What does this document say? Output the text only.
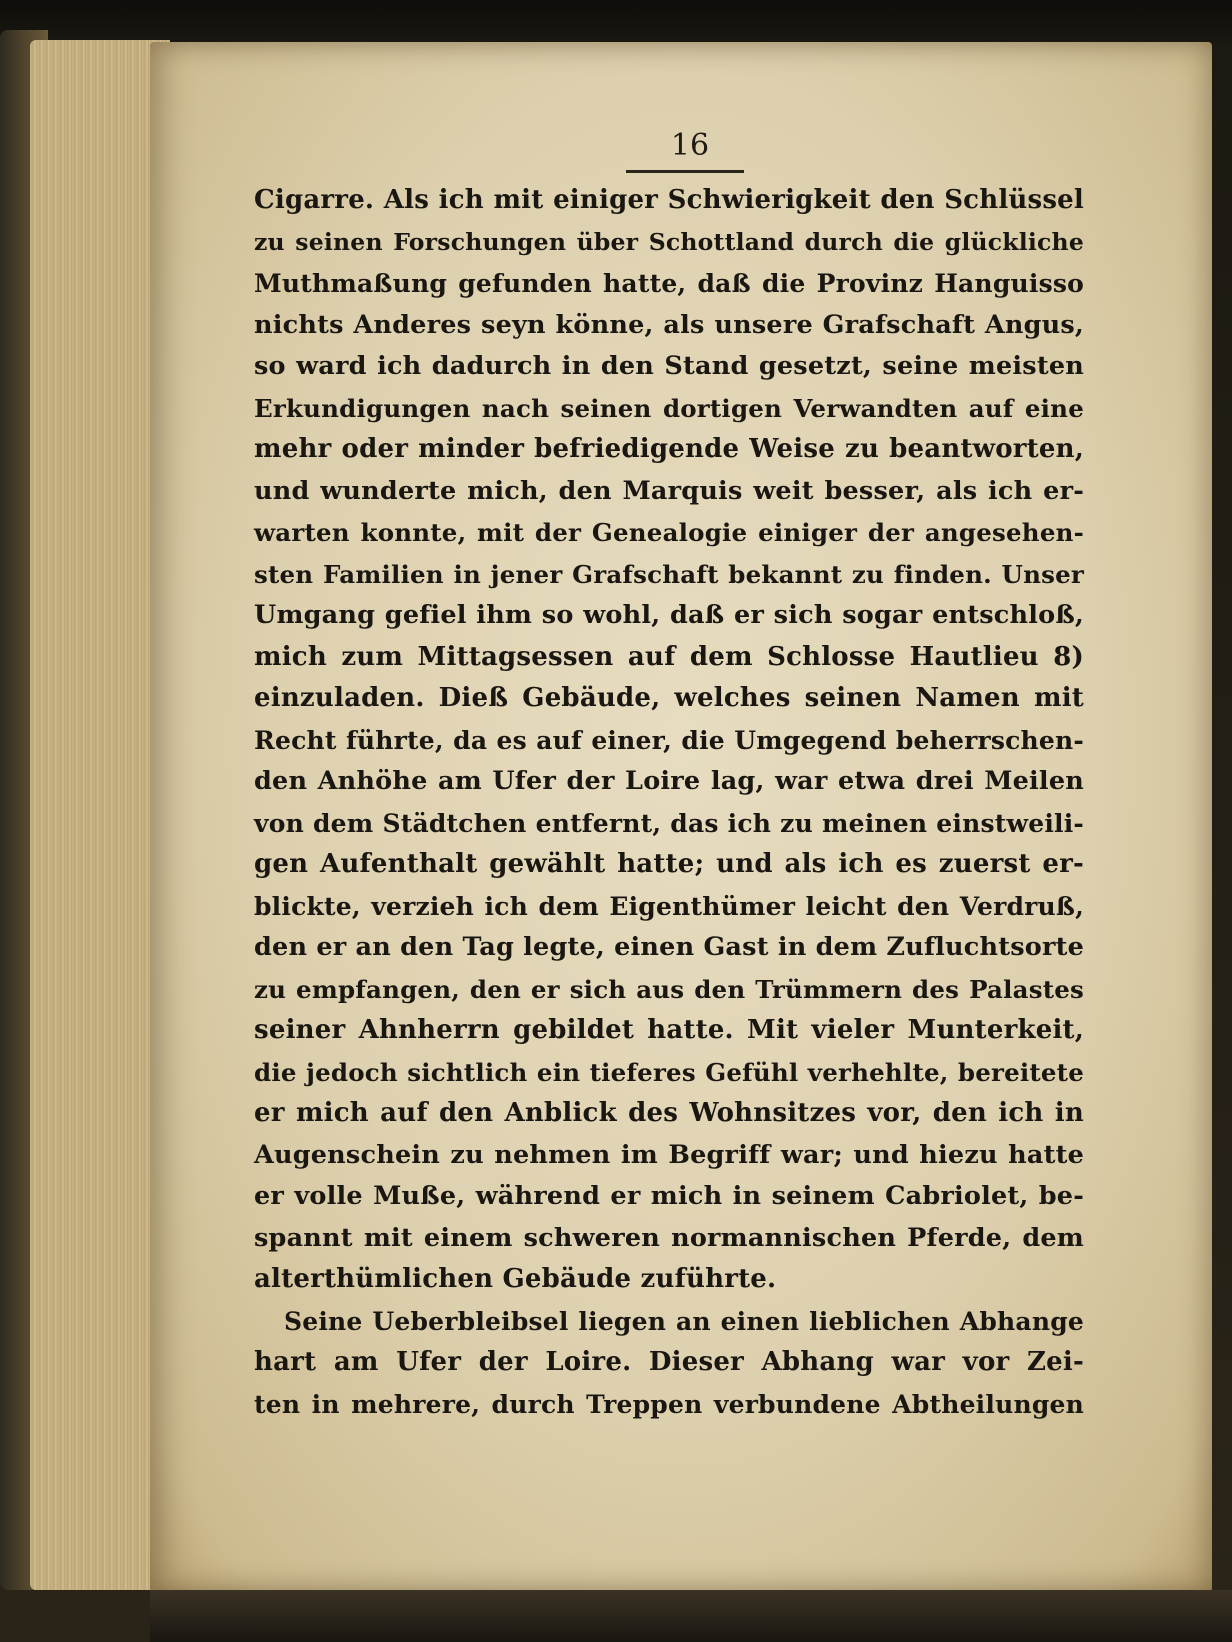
16
Cigarre. Als ich mit einiger Schwierigkeit den Schlüssel
zu seinen Forschungen über Schottland durch die glückliche
Muthmaßung gefunden hatte, daß die Provinz Hanguisso
nichts Anderes seyn könne, als unsere Grafschaft Angus,
so ward ich dadurch in den Stand gesetzt, seine meisten
Erkundigungen nach seinen dortigen Verwandten auf eine
mehr oder minder befriedigende Weise zu beantworten,
und wunderte mich, den Marquis weit besser, als ich er-
warten konnte, mit der Genealogie einiger der angesehen-
sten Familien in jener Grafschaft bekannt zu finden. Unser
Umgang gefiel ihm so wohl, daß er sich sogar entschloß,
mich zum Mittagsessen auf dem Schlosse Hautlieu 8)
einzuladen. Dieß Gebäude, welches seinen Namen mit
Recht führte, da es auf einer, die Umgegend beherrschen-
den Anhöhe am Ufer der Loire lag, war etwa drei Meilen
von dem Städtchen entfernt, das ich zu meinen einstweili-
gen Aufenthalt gewählt hatte; und als ich es zuerst er-
blickte, verzieh ich dem Eigenthümer leicht den Verdruß,
den er an den Tag legte, einen Gast in dem Zufluchtsorte
zu empfangen, den er sich aus den Trümmern des Palastes
seiner Ahnherrn gebildet hatte. Mit vieler Munterkeit,
die jedoch sichtlich ein tieferes Gefühl verhehlte, bereitete
er mich auf den Anblick des Wohnsitzes vor, den ich in
Augenschein zu nehmen im Begriff war; und hiezu hatte
er volle Muße, während er mich in seinem Cabriolet, be-
spannt mit einem schweren normannischen Pferde, dem
alterthümlichen Gebäude zuführte.
Seine Ueberbleibsel liegen an einen lieblichen Abhange
hart am Ufer der Loire. Dieser Abhang war vor Zei-
ten in mehrere, durch Treppen verbundene Abtheilungen
